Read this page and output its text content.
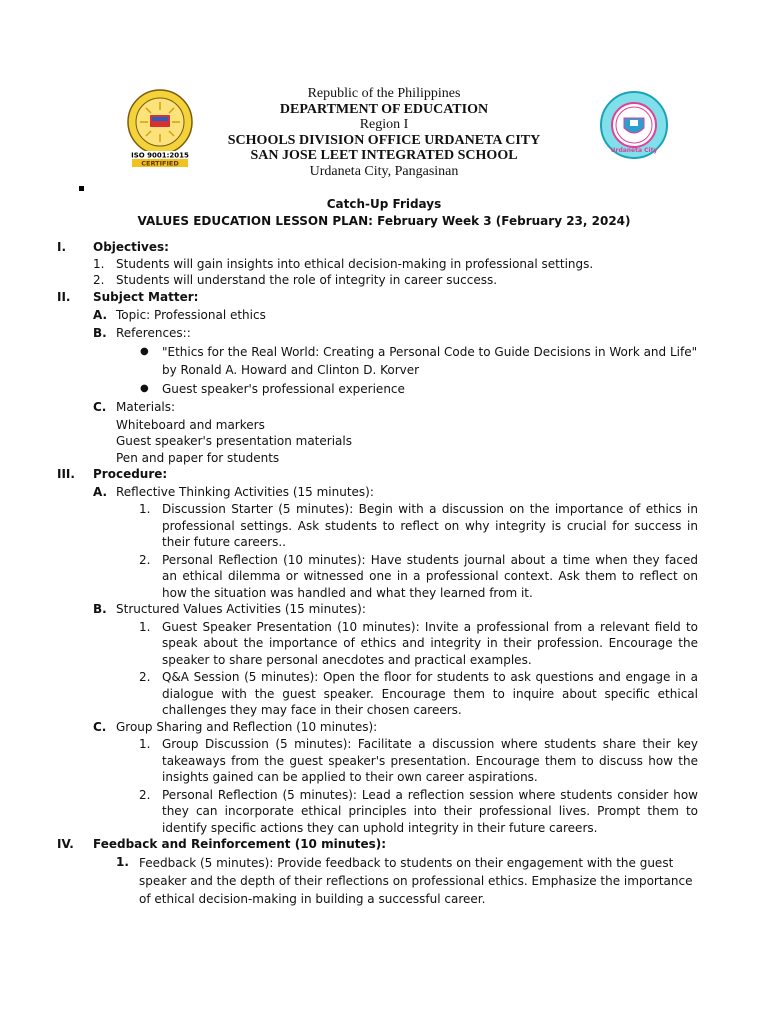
ISO 9001:2015
CERTIFIED
Urdaneta City
Republic of the Philippines
DEPARTMENT OF EDUCATION
Region I
SCHOOLS DIVISION OFFICE URDANETA CITY
SAN JOSE LEET INTEGRATED SCHOOL
Urdaneta City, Pangasinan
Catch-Up Fridays
VALUES EDUCATION LESSON PLAN: February Week 3 (February 23, 2024)
I.	Objectives:
1. Students will gain insights into ethical decision-making in professional settings.
2. Students will understand the role of integrity in career success.
II.	Subject Matter:
A. Topic: Professional ethics
B. References::
● "Ethics for the Real World: Creating a Personal Code to Guide Decisions in Work and Life" by Ronald A. Howard and Clinton D. Korver
● Guest speaker's professional experience
C. Materials:
Whiteboard and markers
Guest speaker's presentation materials
Pen and paper for students
III.	Procedure:
A. Reflective Thinking Activities (15 minutes):
1. Discussion Starter (5 minutes): Begin with a discussion on the importance of ethics in professional settings. Ask students to reflect on why integrity is crucial for success in their future careers..
2. Personal Reflection (10 minutes): Have students journal about a time when they faced an ethical dilemma or witnessed one in a professional context. Ask them to reflect on how the situation was handled and what they learned from it.
B. Structured Values Activities (15 minutes):
1. Guest Speaker Presentation (10 minutes): Invite a professional from a relevant field to speak about the importance of ethics and integrity in their profession. Encourage the speaker to share personal anecdotes and practical examples.
2. Q&A Session (5 minutes): Open the floor for students to ask questions and engage in a dialogue with the guest speaker. Encourage them to inquire about specific ethical challenges they may face in their chosen careers.
C. Group Sharing and Reflection (10 minutes):
1. Group Discussion (5 minutes): Facilitate a discussion where students share their key takeaways from the guest speaker's presentation. Encourage them to discuss how the insights gained can be applied to their own career aspirations.
2. Personal Reflection (5 minutes): Lead a reflection session where students consider how they can incorporate ethical principles into their professional lives. Prompt them to identify specific actions they can uphold integrity in their future careers.
IV.	Feedback and Reinforcement (10 minutes):
1. Feedback (5 minutes): Provide feedback to students on their engagement with the guest speaker and the depth of their reflections on professional ethics. Emphasize the importance of ethical decision-making in building a successful career.
